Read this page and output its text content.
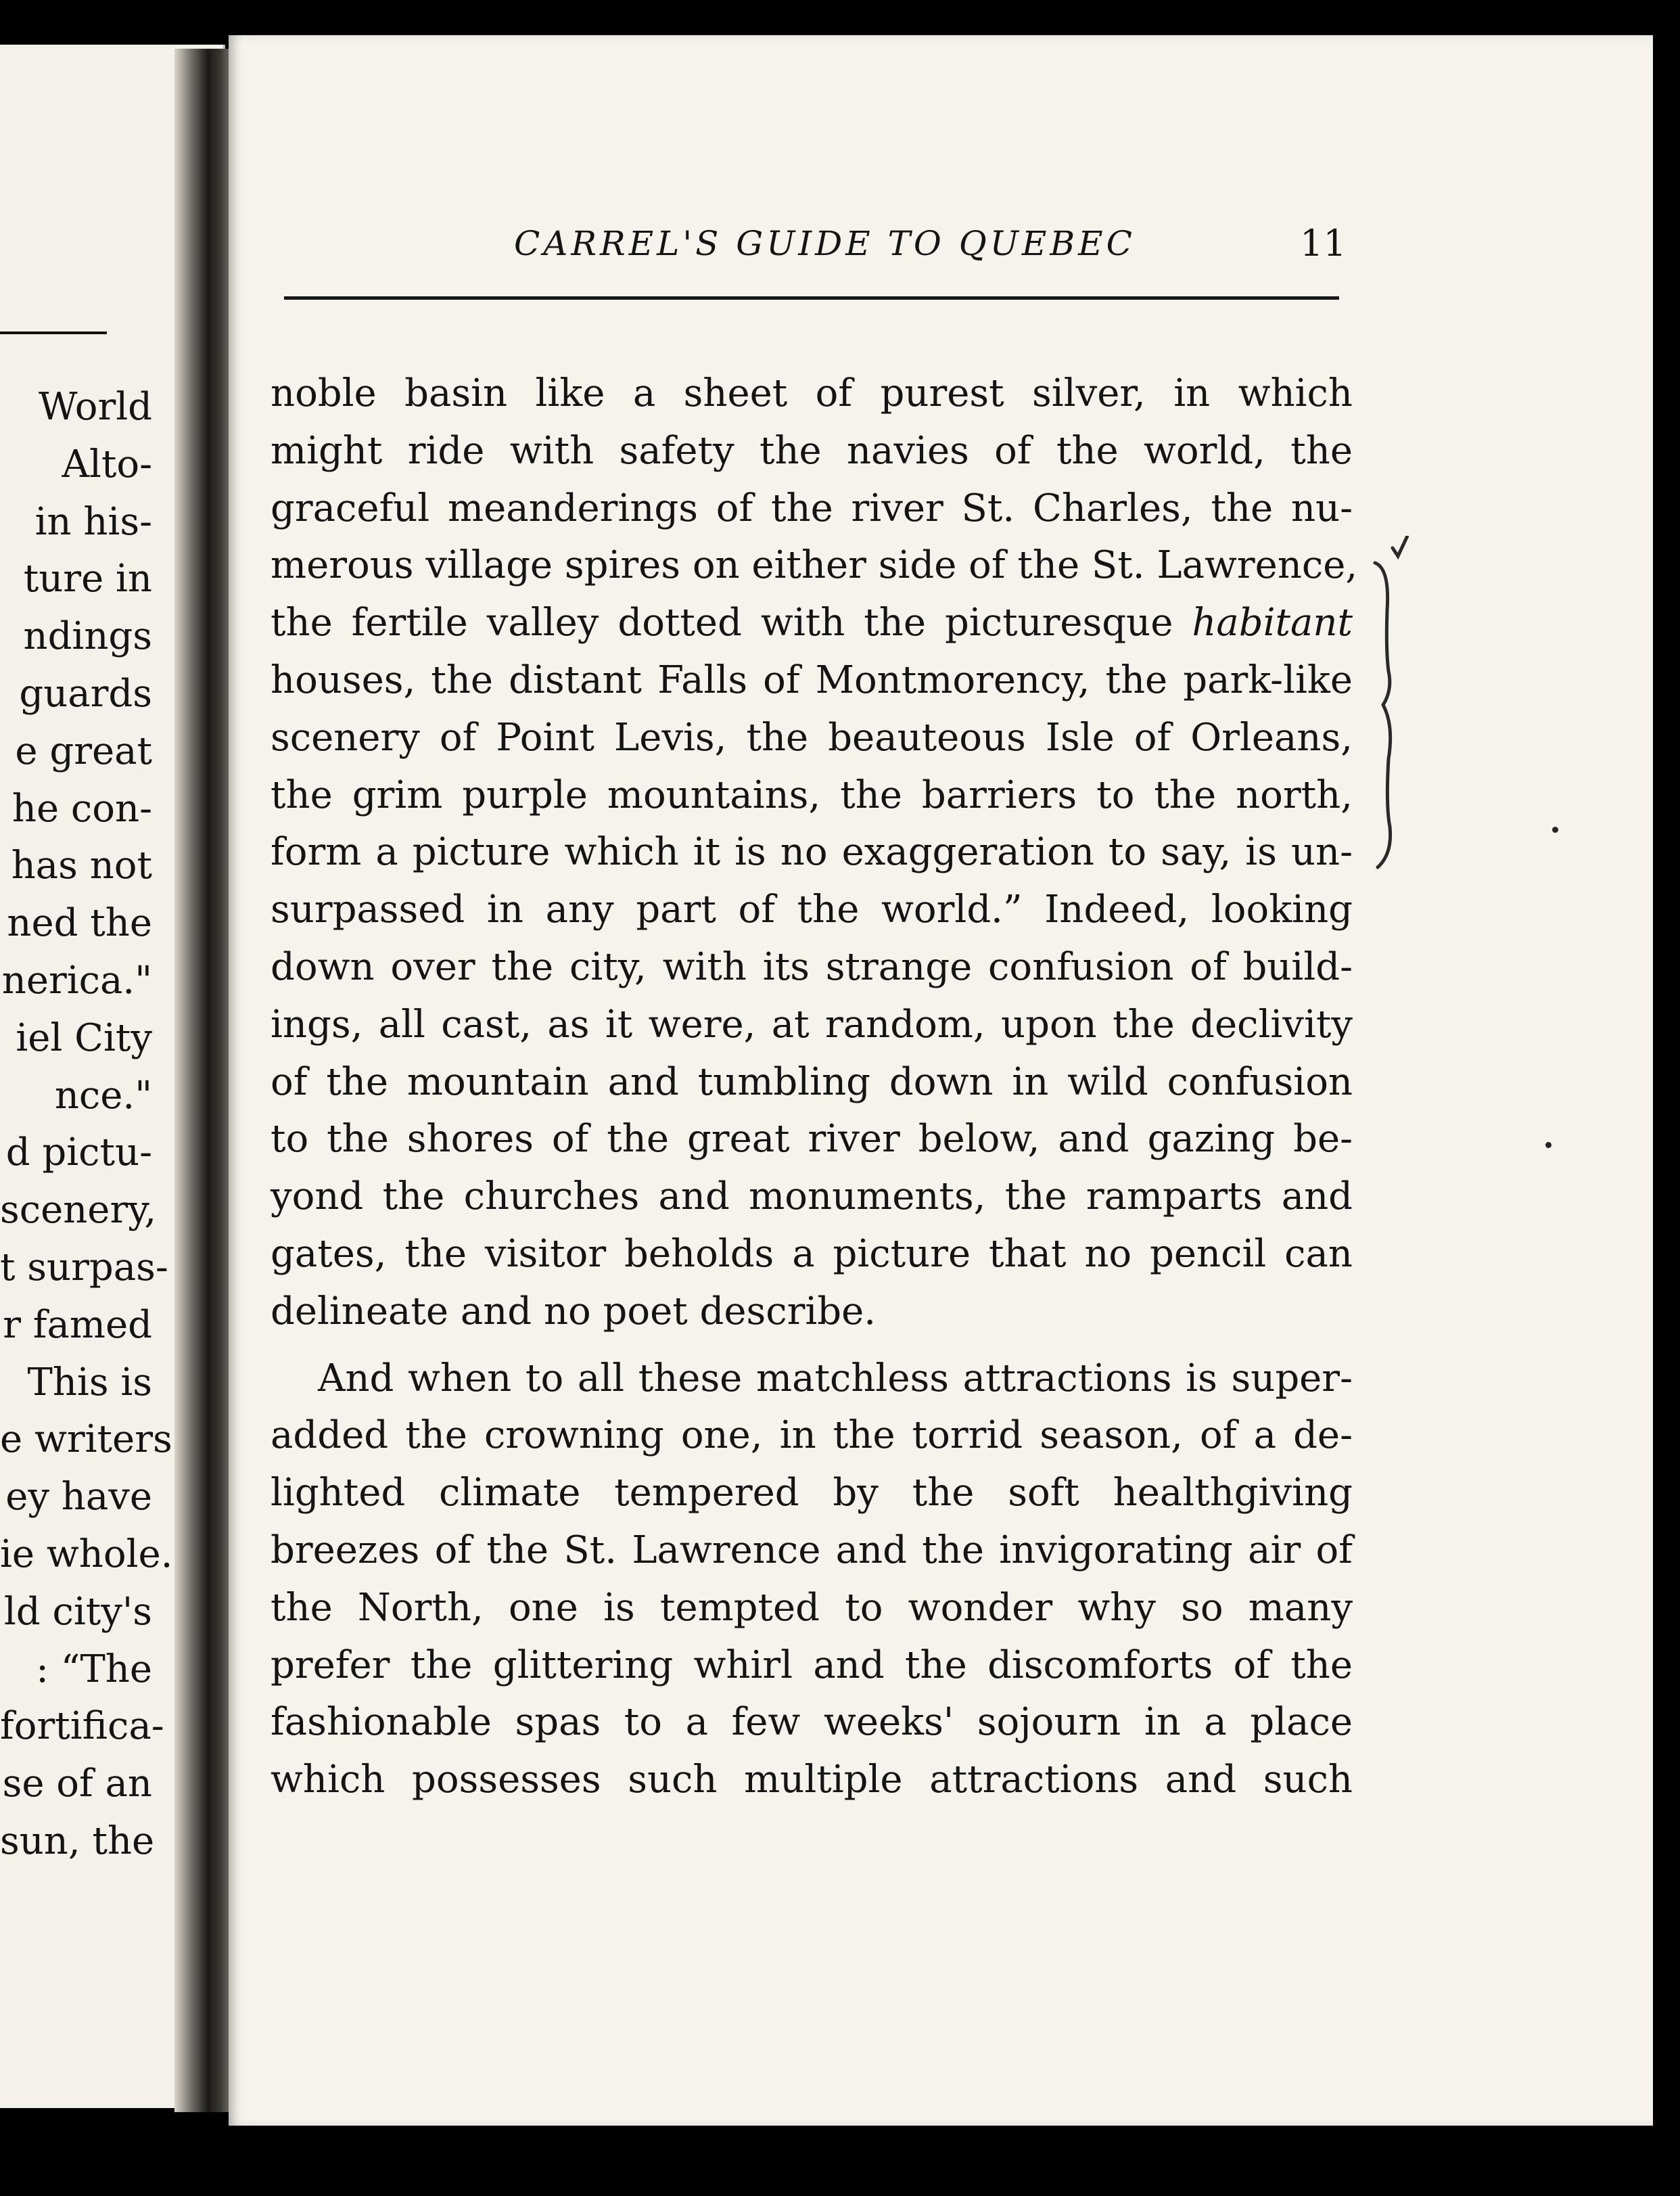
World
Alto-
in his-
ture in
ndings
guards
e great
he con-
has not
ned the
nerica."
iel City
nce."
d pictu-
scenery,
t surpas-
r famed
This is
e writers
ey have
ie whole.
ld city's
: “The
fortifica-
se of an
sun, the
CARREL'S GUIDE TO QUEBEC	11
noble basin like a sheet of purest silver, in which
might ride with safety the navies of the world, the
graceful meanderings of the river St. Charles, the nu-
merous village spires on either side of the St. Lawrence,
the fertile valley dotted with the picturesque habitant
houses, the distant Falls of Montmorency, the park-like
scenery of Point Levis, the beauteous Isle of Orleans,
the grim purple mountains, the barriers to the north,
form a picture which it is no exaggeration to say, is un-
surpassed in any part of the world.” Indeed, looking
down over the city, with its strange confusion of build-
ings, all cast, as it were, at random, upon the declivity
of the mountain and tumbling down in wild confusion
to the shores of the great river below, and gazing be-
yond the churches and monuments, the ramparts and
gates, the visitor beholds a picture that no pencil can
delineate and no poet describe.
And when to all these matchless attractions is super-
added the crowning one, in the torrid season, of a de-
lighted climate tempered by the soft healthgiving
breezes of the St. Lawrence and the invigorating air of
the North, one is tempted to wonder why so many
prefer the glittering whirl and the discomforts of the
fashionable spas to a few weeks' sojourn in a place
which possesses such multiple attractions and such
